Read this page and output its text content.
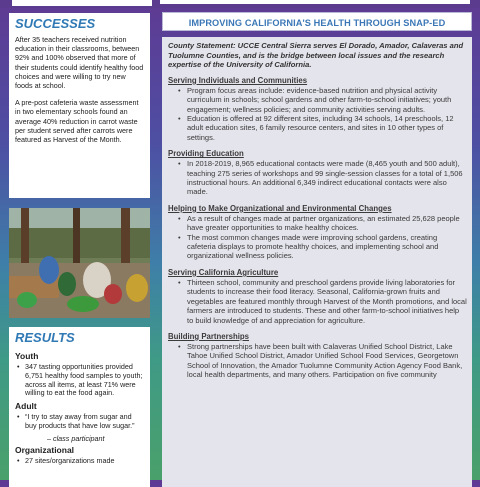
SUCCESSES

After 35 teachers received nutrition education in their classrooms, between 92% and 100% observed that more of their students could identify healthy food choices and were willing to try new foods at school.

A pre-post cafeteria waste assessment in two elementary schools found an average 40% reduction in carrot waste per student served after carrots were featured as Harvest of the Month.

RESULTS
Youth
• 347 tasting opportunities provided 6,751 healthy food samples to youth; across all items, at least 71% were willing to eat the food again.
Adult
• “I try to stay away from sugar and buy products that have low sugar.”
– class participant
Organizational
• 27 sites/organizations made
IMPROVING CALIFORNIA'S HEALTH THROUGH SNAP-ED

County Statement: UCCE Central Sierra serves El Dorado, Amador, Calaveras and Tuolumne Counties, and is the bridge between local issues and the research expertise of the University of California.

Serving Individuals and Communities
• Program focus areas include: evidence-based nutrition and physical activity curriculum in schools; school gardens and other farm-to-school initiatives; youth engagement; wellness policies; and community activities serving adults.
• Education is offered at 92 different sites, including 34 schools, 14 preschools, 12 adult education sites, 6 family resource centers, and sites in 10 other types of settings.
Providing Education
• In 2018-2019, 8,965 educational contacts were made (8,465 youth and 500 adult), teaching 275 series of workshops and 99 single-session classes for a total of 1,506 instructional hours. An additional 6,349 indirect educational contacts were also made.
Helping to Make Organizational and Environmental Changes
• As a result of changes made at partner organizations, an estimated 25,628 people have greater opportunities to make healthy choices.
• The most common changes made were improving school gardens, creating cafeteria displays to promote healthy choices, and implementing school and organizational wellness policies.
Serving California Agriculture
• Thirteen school, community and preschool gardens provide living laboratories for students to increase their food literacy. Seasonal, California-grown fruits and vegetables are featured monthly through Harvest of the Month promotions, and local farmers are introduced to students. These and other farm-to-school initiatives help to build knowledge of and appreciation for agriculture.
Building Partnerships
• Strong partnerships have been built with Calaveras Unified School District, Lake Tahoe Unified School District, Amador Unified School Food Services, Georgetown School of Innovation, the Amador Tuolumne Community Action Agency Food Bank, local health departments, and many others. Participation on five community
